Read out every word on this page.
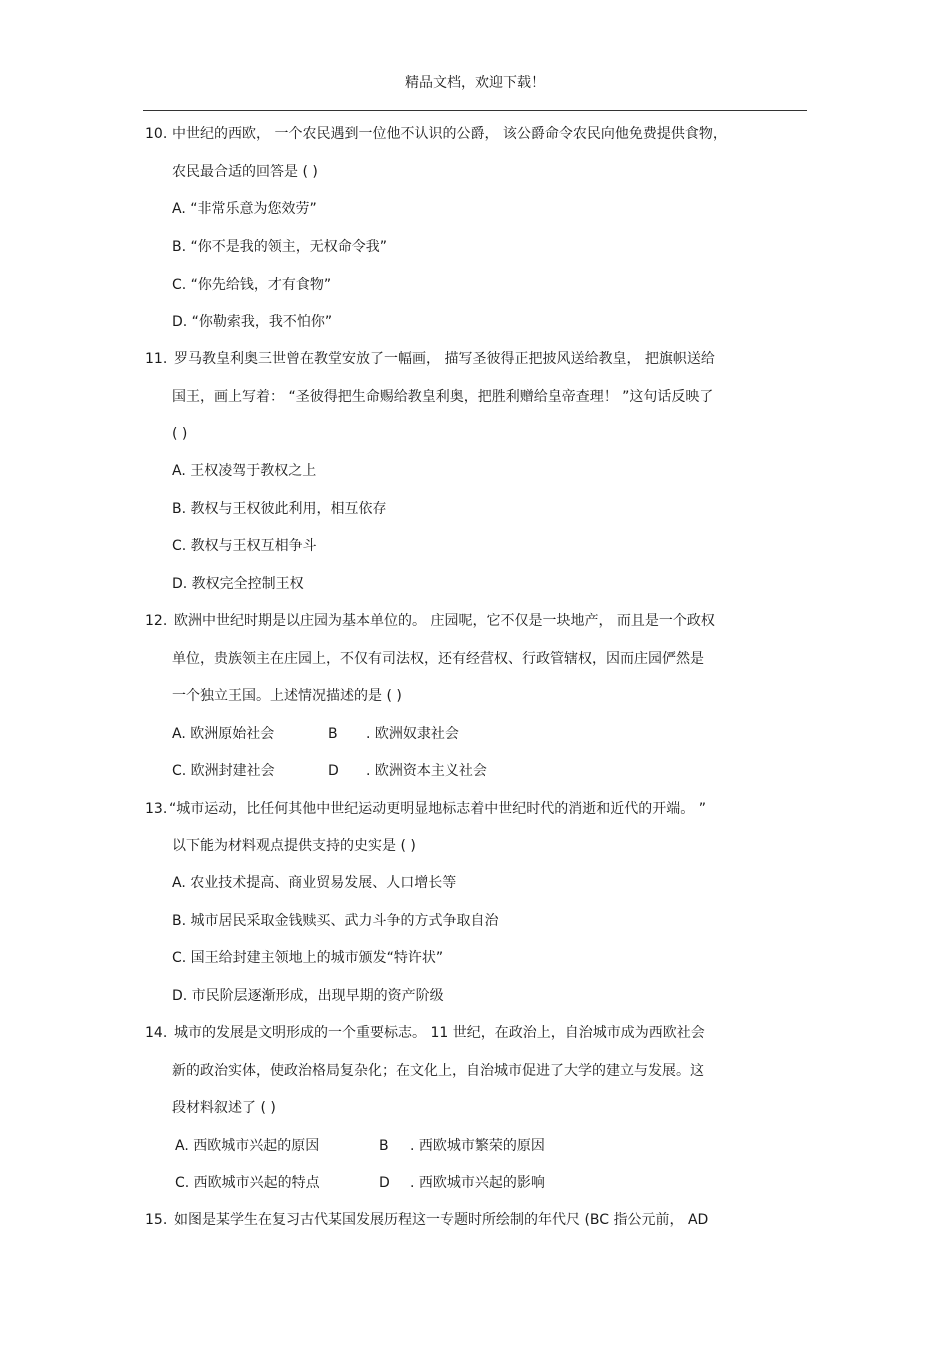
精品文档，欢迎下载！
10. 中世纪的西欧， 一个农民遇到一位他不认识的公爵， 该公爵命令农民向他免费提供食物，
农民最合适的回答是 ( )
A. “非常乐意为您效劳”
B. “你不是我的领主，无权命令我”
C. “你先给钱，才有食物”
D. “你勒索我，我不怕你”
11. 罗马教皇利奥三世曾在教堂安放了一幅画， 描写圣彼得正把披风送给教皇， 把旗帜送给
国王，画上写着： “圣彼得把生命赐给教皇利奥，把胜利赠给皇帝查理！ ”这句话反映了
( )
A. 王权凌驾于教权之上
B. 教权与王权彼此利用，相互依存
C. 教权与王权互相争斗
D. 教权完全控制王权
12. 欧洲中世纪时期是以庄园为基本单位的。 庄园呢，它不仅是一块地产， 而且是一个政权
单位，贵族领主在庄园上，不仅有司法权，还有经营权、行政管辖权，因而庄园俨然是
一个独立王国。上述情况描述的是 ( )
A. 欧洲原始社会	B . 欧洲奴隶社会
C. 欧洲封建社会	D . 欧洲资本主义社会
13. “城市运动，比任何其他中世纪运动更明显地标志着中世纪时代的消逝和近代的开端。 ”
以下能为材料观点提供支持的史实是 ( )
A. 农业技术提高、商业贸易发展、人口增长等
B. 城市居民采取金钱赎买、武力斗争的方式争取自治
C. 国王给封建主领地上的城市颁发“特许状”
D. 市民阶层逐渐形成，出现早期的资产阶级
14. 城市的发展是文明形成的一个重要标志。 11 世纪，在政治上，自治城市成为西欧社会
新的政治实体，使政治格局复杂化；在文化上，自治城市促进了大学的建立与发展。这
段材料叙述了 ( )
A. 西欧城市兴起的原因	B . 西欧城市繁荣的原因
C. 西欧城市兴起的特点	D . 西欧城市兴起的影响
15. 如图是某学生在复习古代某国发展历程这一专题时所绘制的年代尺 (BC 指公元前， AD
